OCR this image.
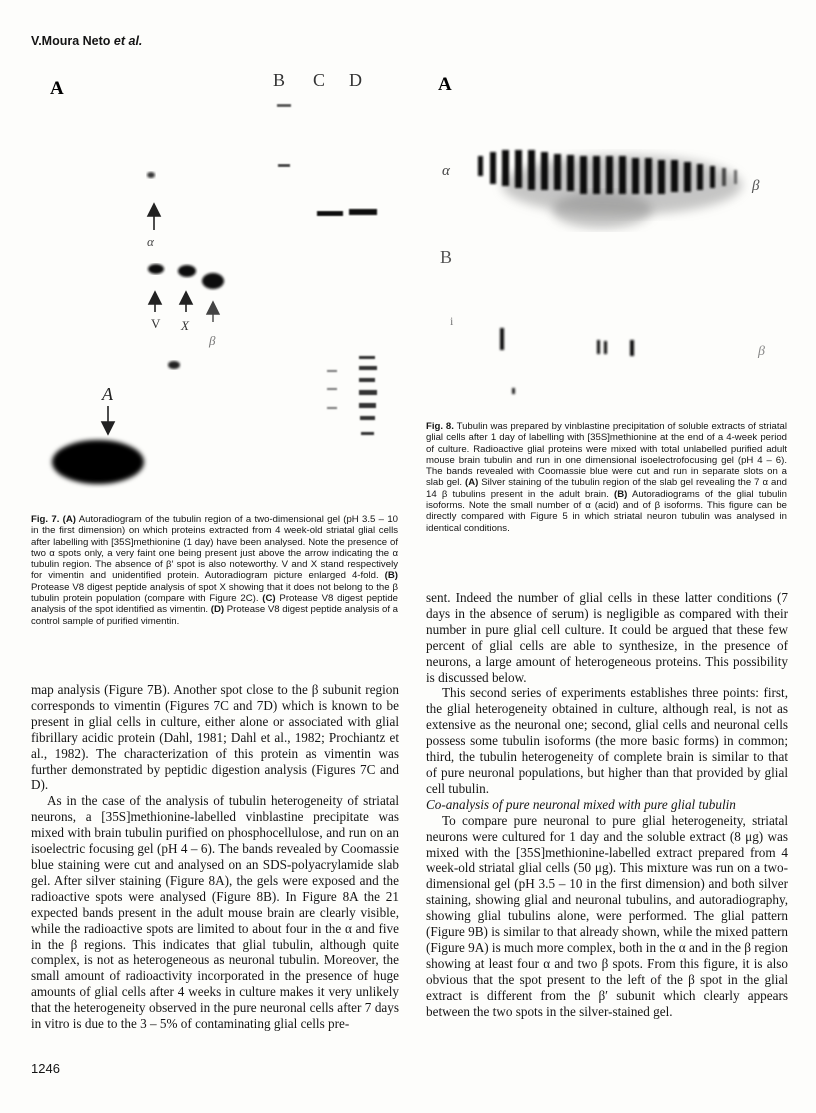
V.Moura Neto et al.
A
α
V X
β
A
B C D	A
α
β
B
i
β
Fig. 8. Tubulin was prepared by vinblastine precipitation of soluble extracts of striatal glial cells after 1 day of labelling with [35S]methionine at the end of a 4-week period of culture. Radioactive glial proteins were mixed with total unlabelled purified adult mouse brain tubulin and run in one dimensional isoelectrofocusing gel (pH 4 – 6). The bands revealed with Coomassie blue were cut and run in separate slots on a slab gel. (A) Silver staining of the tubulin region of the slab gel revealing the 7 α and 14 β tubulins present in the adult brain. (B) Autoradiograms of the glial tubulin isoforms. Note the small number of α (acid) and of β isoforms. This figure can be directly compared with Figure 5 in which striatal neuron tubulin was analysed in identical conditions.
Fig. 7. (A) Autoradiogram of the tubulin region of a two-dimensional gel (pH 3.5 – 10 in the first dimension) on which proteins extracted from 4 week-old striatal glial cells after labelling with [35S]methionine (1 day) have been analysed. Note the presence of two α spots only, a very faint one being present just above the arrow indicating the α tubulin region. The absence of β′ spot is also noteworthy. V and X stand respectively for vimentin and unidentified protein. Autoradiogram picture enlarged 4-fold. (B) Protease V8 digest peptide analysis of spot X showing that it does not belong to the β tubulin protein population (compare with Figure 2C). (C) Protease V8 digest peptide analysis of the spot identified as vimentin. (D) Protease V8 digest peptide analysis of a control sample of purified vimentin.

map analysis (Figure 7B). Another spot close to the β subunit region corresponds to vimentin (Figures 7C and 7D) which is known to be present in glial cells in culture, either alone or associated with glial fibrillary acidic protein (Dahl, 1981; Dahl et al., 1982; Prochiantz et al., 1982). The characterization of this protein as vimentin was further demonstrated by peptidic digestion analysis (Figures 7C and D).

As in the case of the analysis of tubulin heterogeneity of striatal neurons, a [35S]methionine-labelled vinblastine precipitate was mixed with brain tubulin purified on phosphocellulose, and run on an isoelectric focusing gel (pH 4 – 6). The bands revealed by Coomassie blue staining were cut and analysed on an SDS-polyacrylamide slab gel. After silver staining (Figure 8A), the gels were exposed and the radioactive spots were analysed (Figure 8B). In Figure 8A the 21 expected bands present in the adult mouse brain are clearly visible, while the radioactive spots are limited to about four in the α and five in the β regions. This indicates that glial tubulin, although quite complex, is not as heterogeneous as neuronal tubulin. Moreover, the small amount of radioactivity incorporated in the presence of huge amounts of glial cells after 4 weeks in culture makes it very unlikely that the heterogeneity observed in the pure neuronal cells after 7 days in vitro is due to the 3 – 5% of contaminating glial cells pre-

sent. Indeed the number of glial cells in these latter conditions (7 days in the absence of serum) is negligible as compared with their number in pure glial cell culture. It could be argued that these few percent of glial cells are able to synthesize, in the presence of neurons, a large amount of heterogeneous proteins. This possibility is discussed below.

This second series of experiments establishes three points: first, the glial heterogeneity obtained in culture, although real, is not as extensive as the neuronal one; second, glial cells and neuronal cells possess some tubulin isoforms (the more basic forms) in common; third, the tubulin heterogeneity of complete brain is similar to that of pure neuronal populations, but higher than that provided by glial cell tubulin.

Co-analysis of pure neuronal mixed with pure glial tubulin

To compare pure neuronal to pure glial heterogeneity, striatal neurons were cultured for 1 day and the soluble extract (8 μg) was mixed with the [35S]methionine-labelled extract prepared from 4 week-old striatal glial cells (50 μg). This mixture was run on a two-dimensional gel (pH 3.5 – 10 in the first dimension) and both silver staining, showing glial and neuronal tubulins, and autoradiography, showing glial tubulins alone, were performed. The glial pattern (Figure 9B) is similar to that already shown, while the mixed pattern (Figure 9A) is much more complex, both in the α and in the β region showing at least four α and two β spots. From this figure, it is also obvious that the spot present to the left of the β spot in the glial extract is different from the β′ subunit which clearly appears between the two spots in the silver-stained gel.

1246
